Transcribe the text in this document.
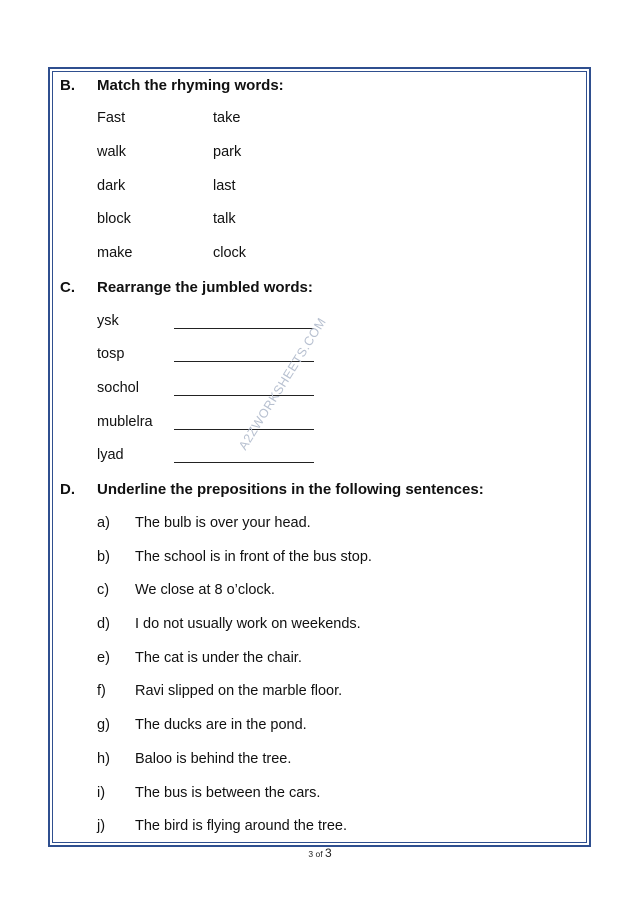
B. Match the rhyming words:
Fast
walk
dark
block
make
take
park
last
talk
clock
C. Rearrange the jumbled words:
ysk
tosp
sochol
mublelra
lyad
D. Underline the prepositions in the following sentences:
a) The bulb is over your head.
b) The school is in front of the bus stop.
c) We close at 8 o’clock.
d) I do not usually work on weekends.
e) The cat is under the chair.
f) Ravi slipped on the marble floor.
g) The ducks are in the pond.
h) Baloo is behind the tree.
i) The bus is between the cars.
j) The bird is flying around the tree.
A2ZWORKSHEETS.COM
3 of 3
